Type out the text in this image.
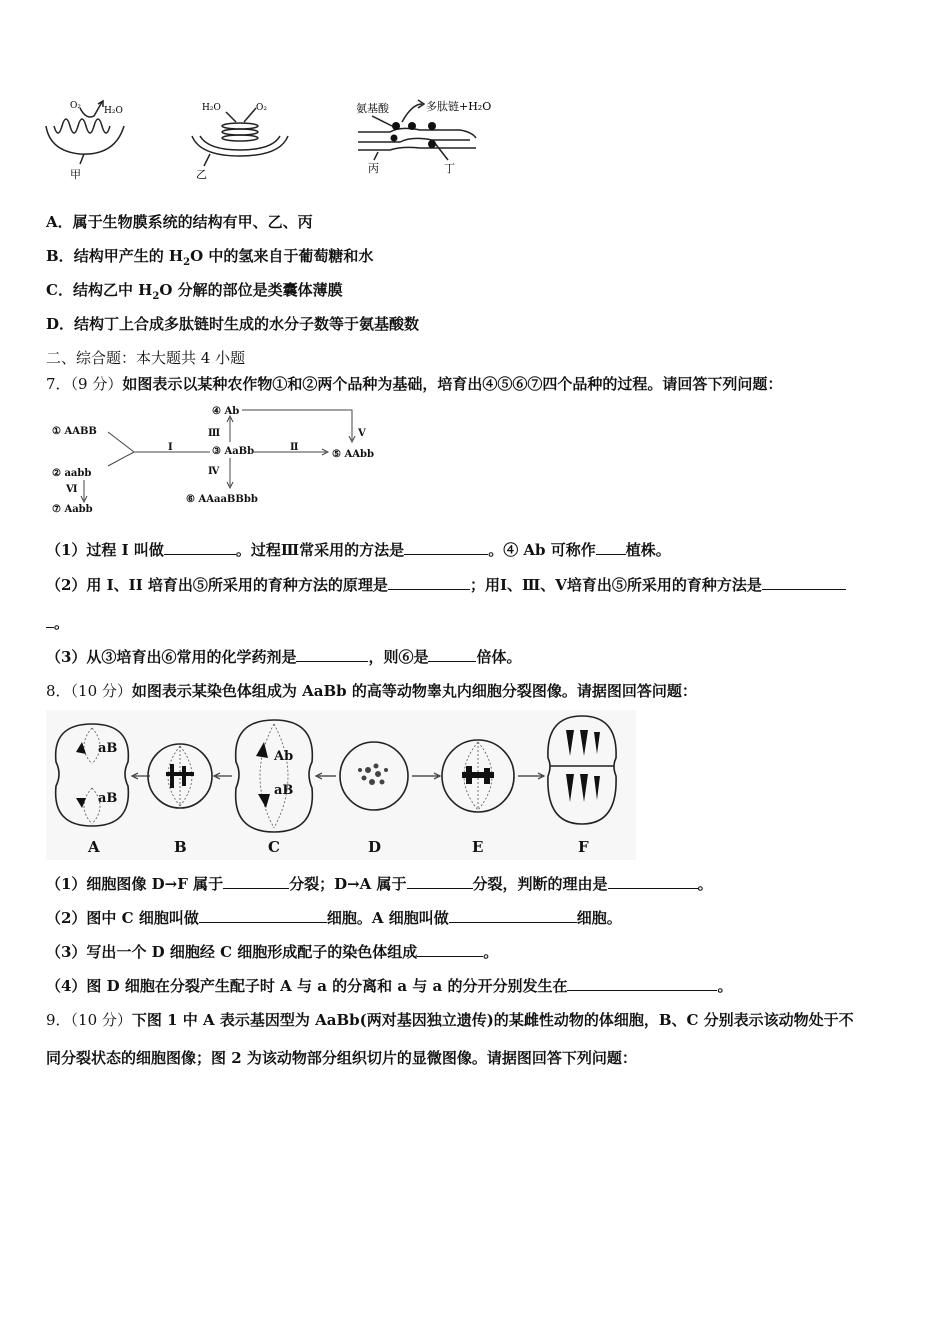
O₂	H₂O
甲
H₂O	O₂
乙
氨基酸	多肽链+H₂O
丙	丁
A．属于生物膜系统的结构有甲、乙、丙
B．结构甲产生的 $H_2O$ 中的氢来自于葡萄糖和水
C．结构乙中 $H_2O$ 分解的部位是类囊体薄膜
D．结构丁上合成多肽链时生成的水分子数等于氨基酸数
二、综合题：本大题共 4 小题
7．（9 分）如图表示以某种农作物①和②两个品种为基础，培育出④⑤⑥⑦四个品种的过程。请回答下列问题：
① AABB
② aabb
③ AaBb
④ Ab
⑤ AAbb
⑥ AAaaBBbb
⑦ Aabb
Ⅰ	Ⅱ
Ⅲ
Ⅳ
Ⅴ
Ⅵ
（1）过程 I 叫做	。过程Ⅲ常采用的方法是	。④ Ab 可称作 植株。
（2）用 I、II 培育出⑤所采用的育种方法的原理是	；用Ⅰ、Ⅲ、Ⅴ培育出⑤所采用的育种方法是
。
（3）从③培育出⑥常用的化学药剂是	，则⑥是	倍体。
8．（10 分）如图表示某染色体组成为 AaBb 的高等动物睾丸内细胞分裂图像。请据图回答问题：
aB
aB
Ab
aB
A	B	C	D	E	F
（1）细胞图像 D→F 属于	分裂；D→A 属于	分裂，判断的理由是	。
（2）图中 C 细胞叫做	细胞。A 细胞叫做	细胞。
（3）写出一个 D 细胞经 C 细胞形成配子的染色体组成	。
（4）图 D 细胞在分裂产生配子时 A 与 a 的分离和 a 与 a 的分开分别发生在	。
9．（10 分）下图 1 中 A 表示基因型为 AaBb(两对基因独立遗传)的某雌性动物的体细胞，B、C 分别表示该动物处于不
同分裂状态的细胞图像；图 2 为该动物部分组织切片的显微图像。请据图回答下列问题：
